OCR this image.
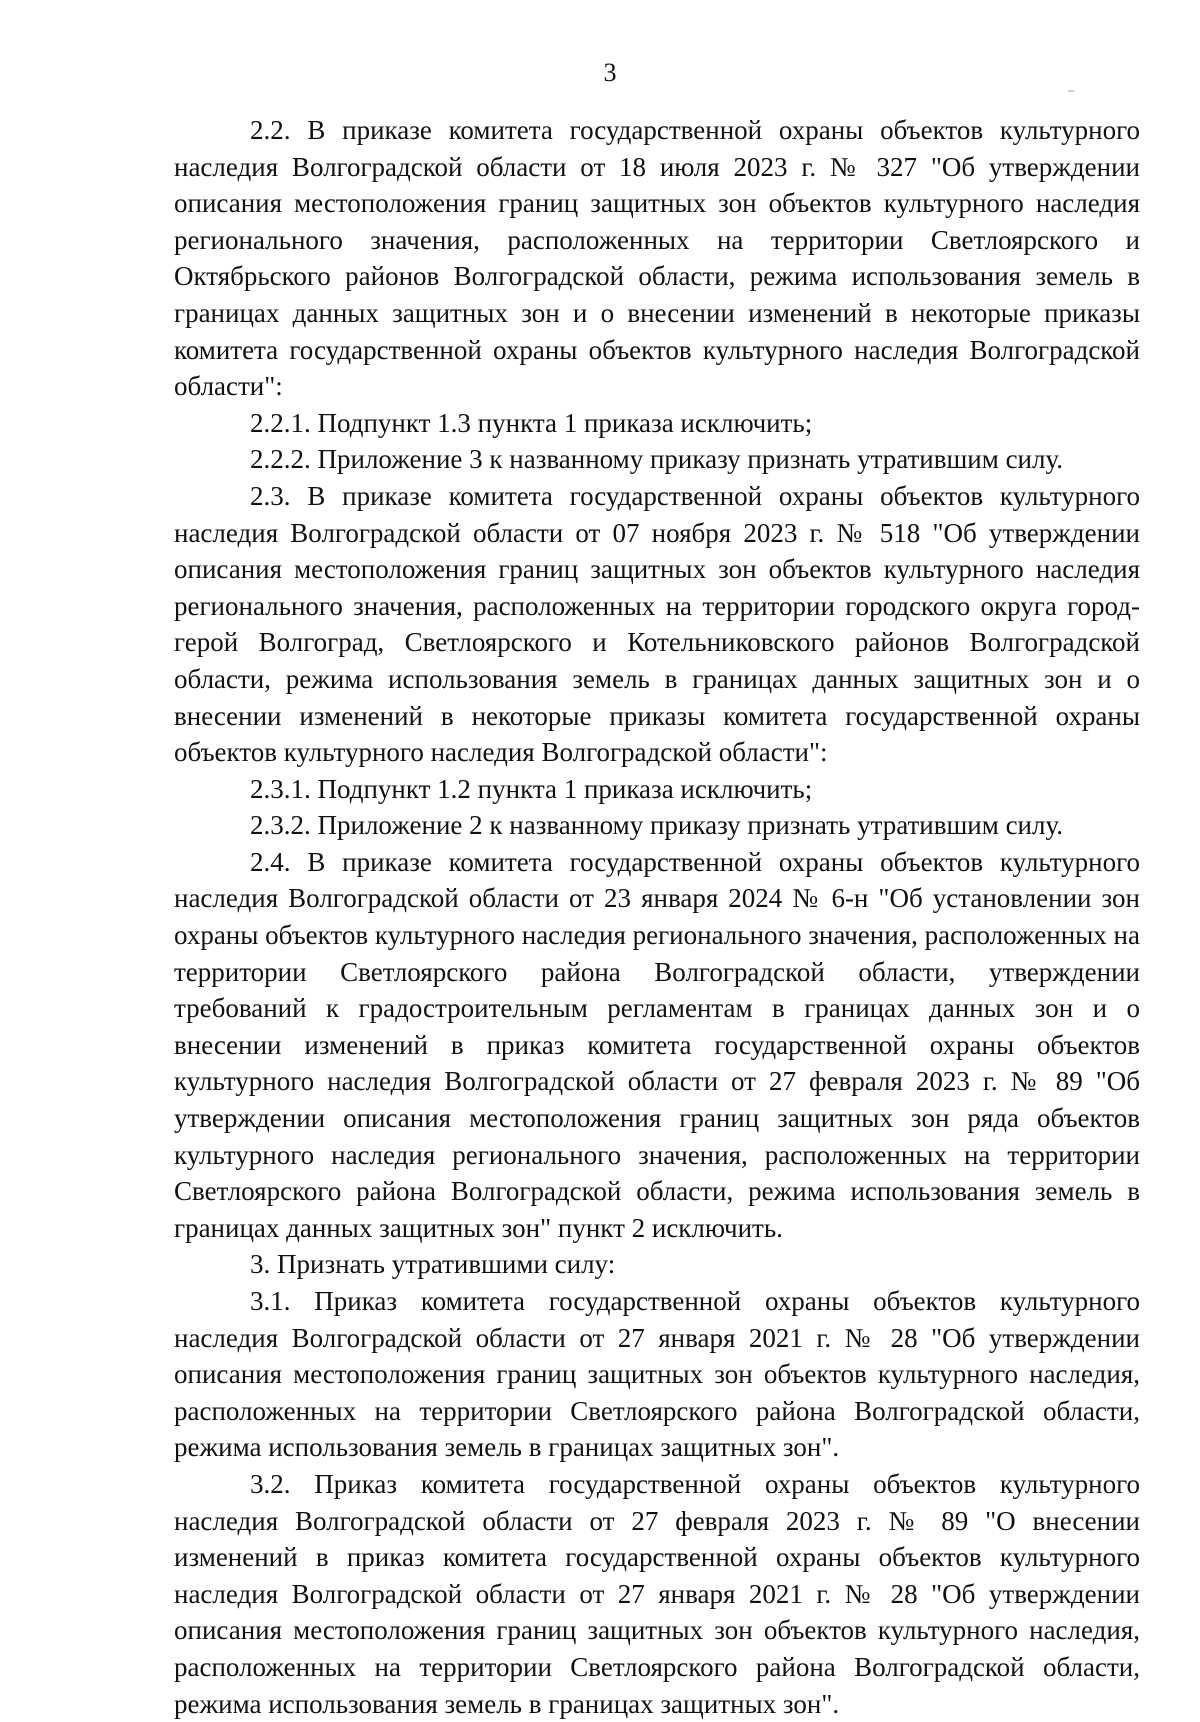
3

2.2. В приказе комитета государственной охраны объектов культурного наследия Волгоградской области от 18 июля 2023 г. № 327 "Об утверждении описания местоположения границ защитных зон объектов культурного наследия регионального значения, расположенных на территории Светлоярского и Октябрьского районов Волгоградской области, режима использования земель в границах данных защитных зон и о внесении изменений в некоторые приказы комитета государственной охраны объектов культурного наследия Волгоградской области":

2.2.1. Подпункт 1.3 пункта 1 приказа исключить;

2.2.2. Приложение 3 к названному приказу признать утратившим силу.

2.3. В приказе комитета государственной охраны объектов культурного наследия Волгоградской области от 07 ноября 2023 г. № 518 "Об утверждении описания местоположения границ защитных зон объектов культурного наследия регионального значения, расположенных на территории городского округа город-герой Волгоград, Светлоярского и Котельниковского районов Волгоградской области, режима использования земель в границах данных защитных зон и о внесении изменений в некоторые приказы комитета государственной охраны объектов культурного наследия Волгоградской области":

2.3.1. Подпункт 1.2 пункта 1 приказа исключить;

2.3.2. Приложение 2 к названному приказу признать утратившим силу.

2.4. В приказе комитета государственной охраны объектов культурного наследия Волгоградской области от 23 января 2024 № 6-н "Об установлении зон охраны объектов культурного наследия регионального значения, расположенных на территории Светлоярского района Волгоградской области, утверждении требований к градостроительным регламентам в границах данных зон и о внесении изменений в приказ комитета государственной охраны объектов культурного наследия Волгоградской области от 27 февраля 2023 г. № 89 "Об утверждении описания местоположения границ защитных зон ряда объектов культурного наследия регионального значения, расположенных на территории Светлоярского района Волгоградской области, режима использования земель в границах данных защитных зон" пункт 2 исключить.

3. Признать утратившими силу:

3.1. Приказ комитета государственной охраны объектов культурного наследия Волгоградской области от 27 января 2021 г. № 28 "Об утверждении описания местоположения границ защитных зон объектов культурного наследия, расположенных на территории Светлоярского района Волгоградской области, режима использования земель в границах защитных зон".

3.2. Приказ комитета государственной охраны объектов культурного наследия Волгоградской области от 27 февраля 2023 г. № 89 "О внесении изменений в приказ комитета государственной охраны объектов культурного наследия Волгоградской области от 27 января 2021 г. № 28 "Об утверждении описания местоположения границ защитных зон объектов культурного наследия, расположенных на территории Светлоярского района Волгоградской области, режима использования земель в границах защитных зон".
